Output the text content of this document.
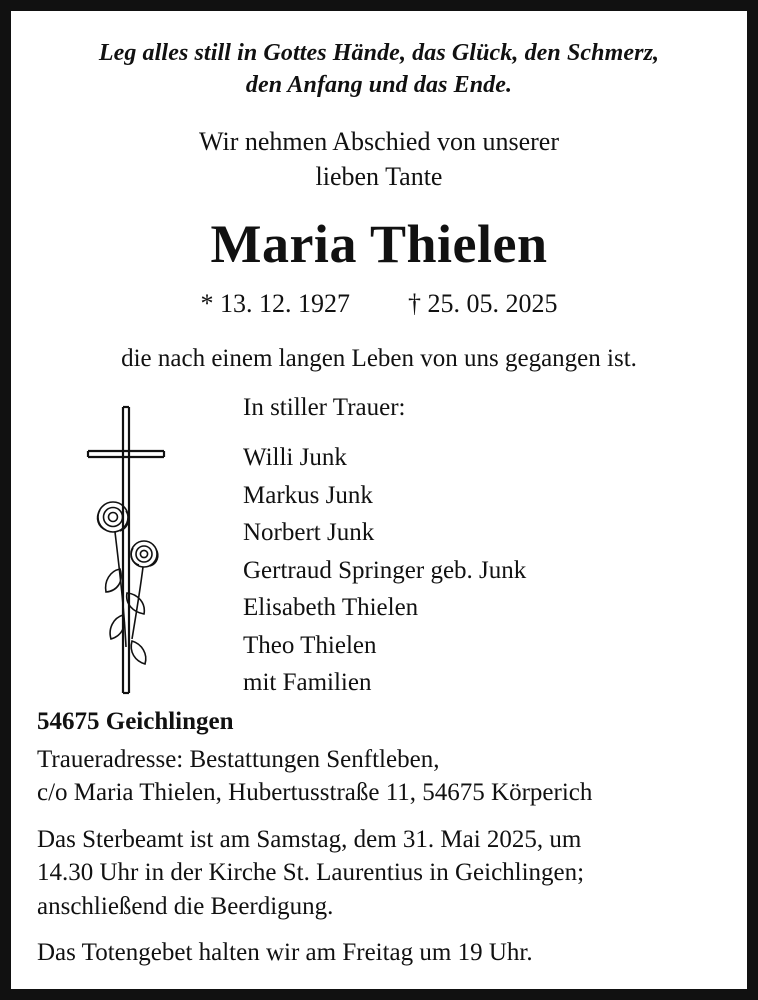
Leg alles still in Gottes Hände, das Glück, den Schmerz,
den Anfang und das Ende.
Wir nehmen Abschied von unserer
lieben Tante
Maria Thielen
* 13. 12. 1927 † 25. 05. 2025
die nach einem langen Leben von uns gegangen ist.
In stiller Trauer:
Willi Junk
Markus Junk
Norbert Junk
Gertraud Springer geb. Junk
Elisabeth Thielen
Theo Thielen
mit Familien
54675 Geichlingen
Traueradresse: Bestattungen Senftleben,
c/o Maria Thielen, Hubertusstraße 11, 54675 Körperich
Das Sterbeamt ist am Samstag, dem 31. Mai 2025, um
14.30 Uhr in der Kirche St. Laurentius in Geichlingen;
anschließend die Beerdigung.
Das Totengebet halten wir am Freitag um 19 Uhr.
